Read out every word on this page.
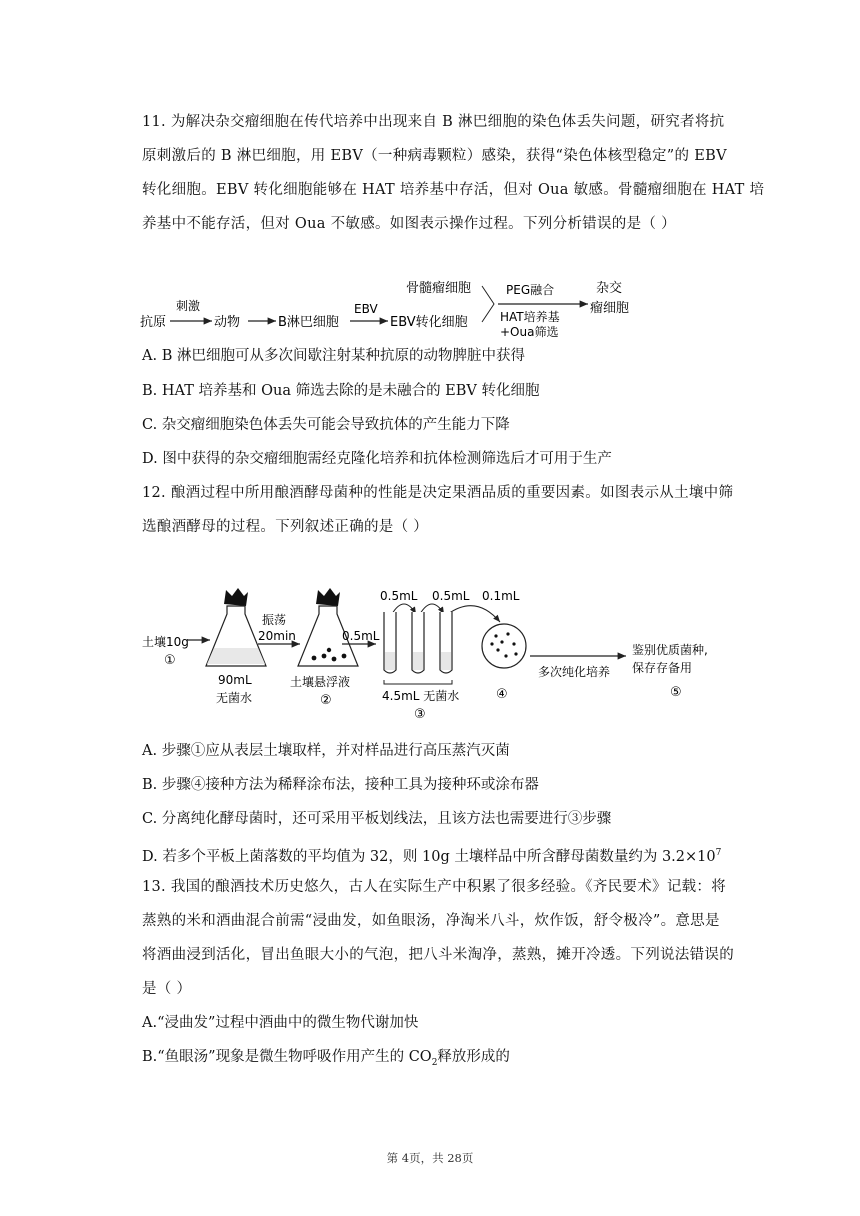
11. 为解决杂交瘤细胞在传代培养中出现来自 B 淋巴细胞的染色体丢失问题，研究者将抗
原刺激后的 B 淋巴细胞，用 EBV（一种病毒颗粒）感染，获得“染色体核型稳定”的 EBV
转化细胞。EBV 转化细胞能够在 HAT 培养基中存活，但对 Oua 敏感。骨髓瘤细胞在 HAT 培
养基中不能存活，但对 Oua 不敏感。如图表示操作过程。下列分析错误的是（ ）
抗原
刺激
动物	B淋巴细胞
EBV
EBV转化细胞
骨髓瘤细胞	PEG融合
HAT培养基
+Oua筛选
杂交
瘤细胞
A. B 淋巴细胞可从多次间歇注射某种抗原的动物脾脏中获得
B. HAT 培养基和 Oua 筛选去除的是未融合的 EBV 转化细胞
C. 杂交瘤细胞染色体丢失可能会导致抗体的产生能力下降
D. 图中获得的杂交瘤细胞需经克隆化培养和抗体检测筛选后才可用于生产
12. 酿酒过程中所用酿酒酵母菌种的性能是决定果酒品质的重要因素。如图表示从土壤中筛
选酿酒酵母的过程。下列叙述正确的是（ ）
土壤10g
①
90mL
无菌水
振荡
20min
土壤悬浮液
②
0.5mL
0.5mL 0.5mL 0.1mL
4.5mL 无菌水
③
④
多次纯化培养
鉴别优质菌种,
保存存备用
⑤
A. 步骤①应从表层土壤取样，并对样品进行高压蒸汽灭菌
B. 步骤④接种方法为稀释涂布法，接种工具为接种环或涂布器
C. 分离纯化酵母菌时，还可采用平板划线法，且该方法也需要进行③步骤
D. 若多个平板上菌落数的平均值为 32，则 10g 土壤样品中所含酵母菌数量约为 $3.2\times 10^7$
13. 我国的酿酒技术历史悠久，古人在实际生产中积累了很多经验。《齐民要术》记载：将
蒸熟的米和酒曲混合前需“浸曲发，如鱼眼汤，净淘米八斗，炊作饭，舒令极冷”。意思是
将酒曲浸到活化，冒出鱼眼大小的气泡，把八斗米淘净，蒸熟，摊开冷透。下列说法错误的
是（ ）
A.“浸曲发”过程中酒曲中的微生物代谢加快
B.“鱼眼汤”现象是微生物呼吸作用产生的 $CO_2$释放形成的
第 4页，共 28页
